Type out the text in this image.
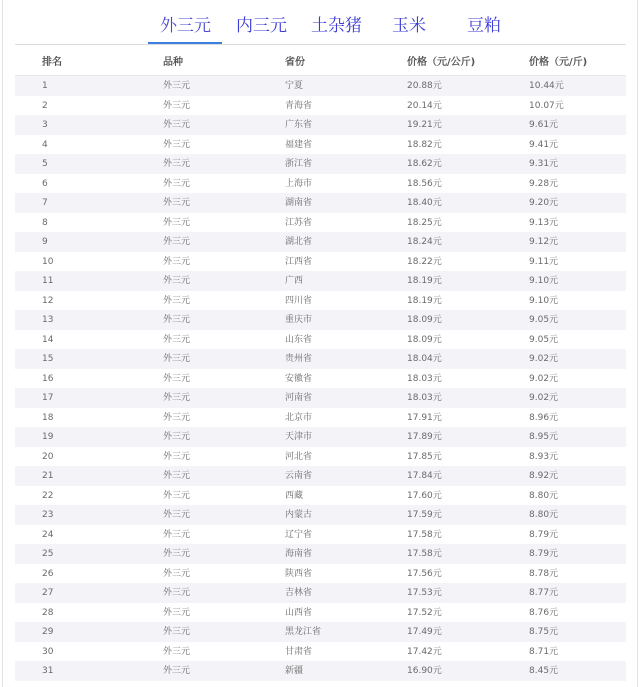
外三元 内三元 土杂猪 玉米 豆粕
排名	品种	省份	价格（元/公斤)	价格（元/斤)
1	外三元	宁夏	20.88元	10.44元
2	外三元	青海省	20.14元	10.07元
3	外三元	广东省	19.21元	9.61元
4	外三元	福建省	18.82元	9.41元
5	外三元	浙江省	18.62元	9.31元
6	外三元	上海市	18.56元	9.28元
7	外三元	湖南省	18.40元	9.20元
8	外三元	江苏省	18.25元	9.13元
9	外三元	湖北省	18.24元	9.12元
10	外三元	江西省	18.22元	9.11元
11	外三元	广西	18.19元	9.10元
12	外三元	四川省	18.19元	9.10元
13	外三元	重庆市	18.09元	9.05元
14	外三元	山东省	18.09元	9.05元
15	外三元	贵州省	18.04元	9.02元
16	外三元	安徽省	18.03元	9.02元
17	外三元	河南省	18.03元	9.02元
18	外三元	北京市	17.91元	8.96元
19	外三元	天津市	17.89元	8.95元
20	外三元	河北省	17.85元	8.93元
21	外三元	云南省	17.84元	8.92元
22	外三元	西藏	17.60元	8.80元
23	外三元	内蒙古	17.59元	8.80元
24	外三元	辽宁省	17.58元	8.79元
25	外三元	海南省	17.58元	8.79元
26	外三元	陕西省	17.56元	8.78元
27	外三元	吉林省	17.53元	8.77元
28	外三元	山西省	17.52元	8.76元
29	外三元	黑龙江省	17.49元	8.75元
30	外三元	甘肃省	17.42元	8.71元
31	外三元	新疆	16.90元	8.45元
